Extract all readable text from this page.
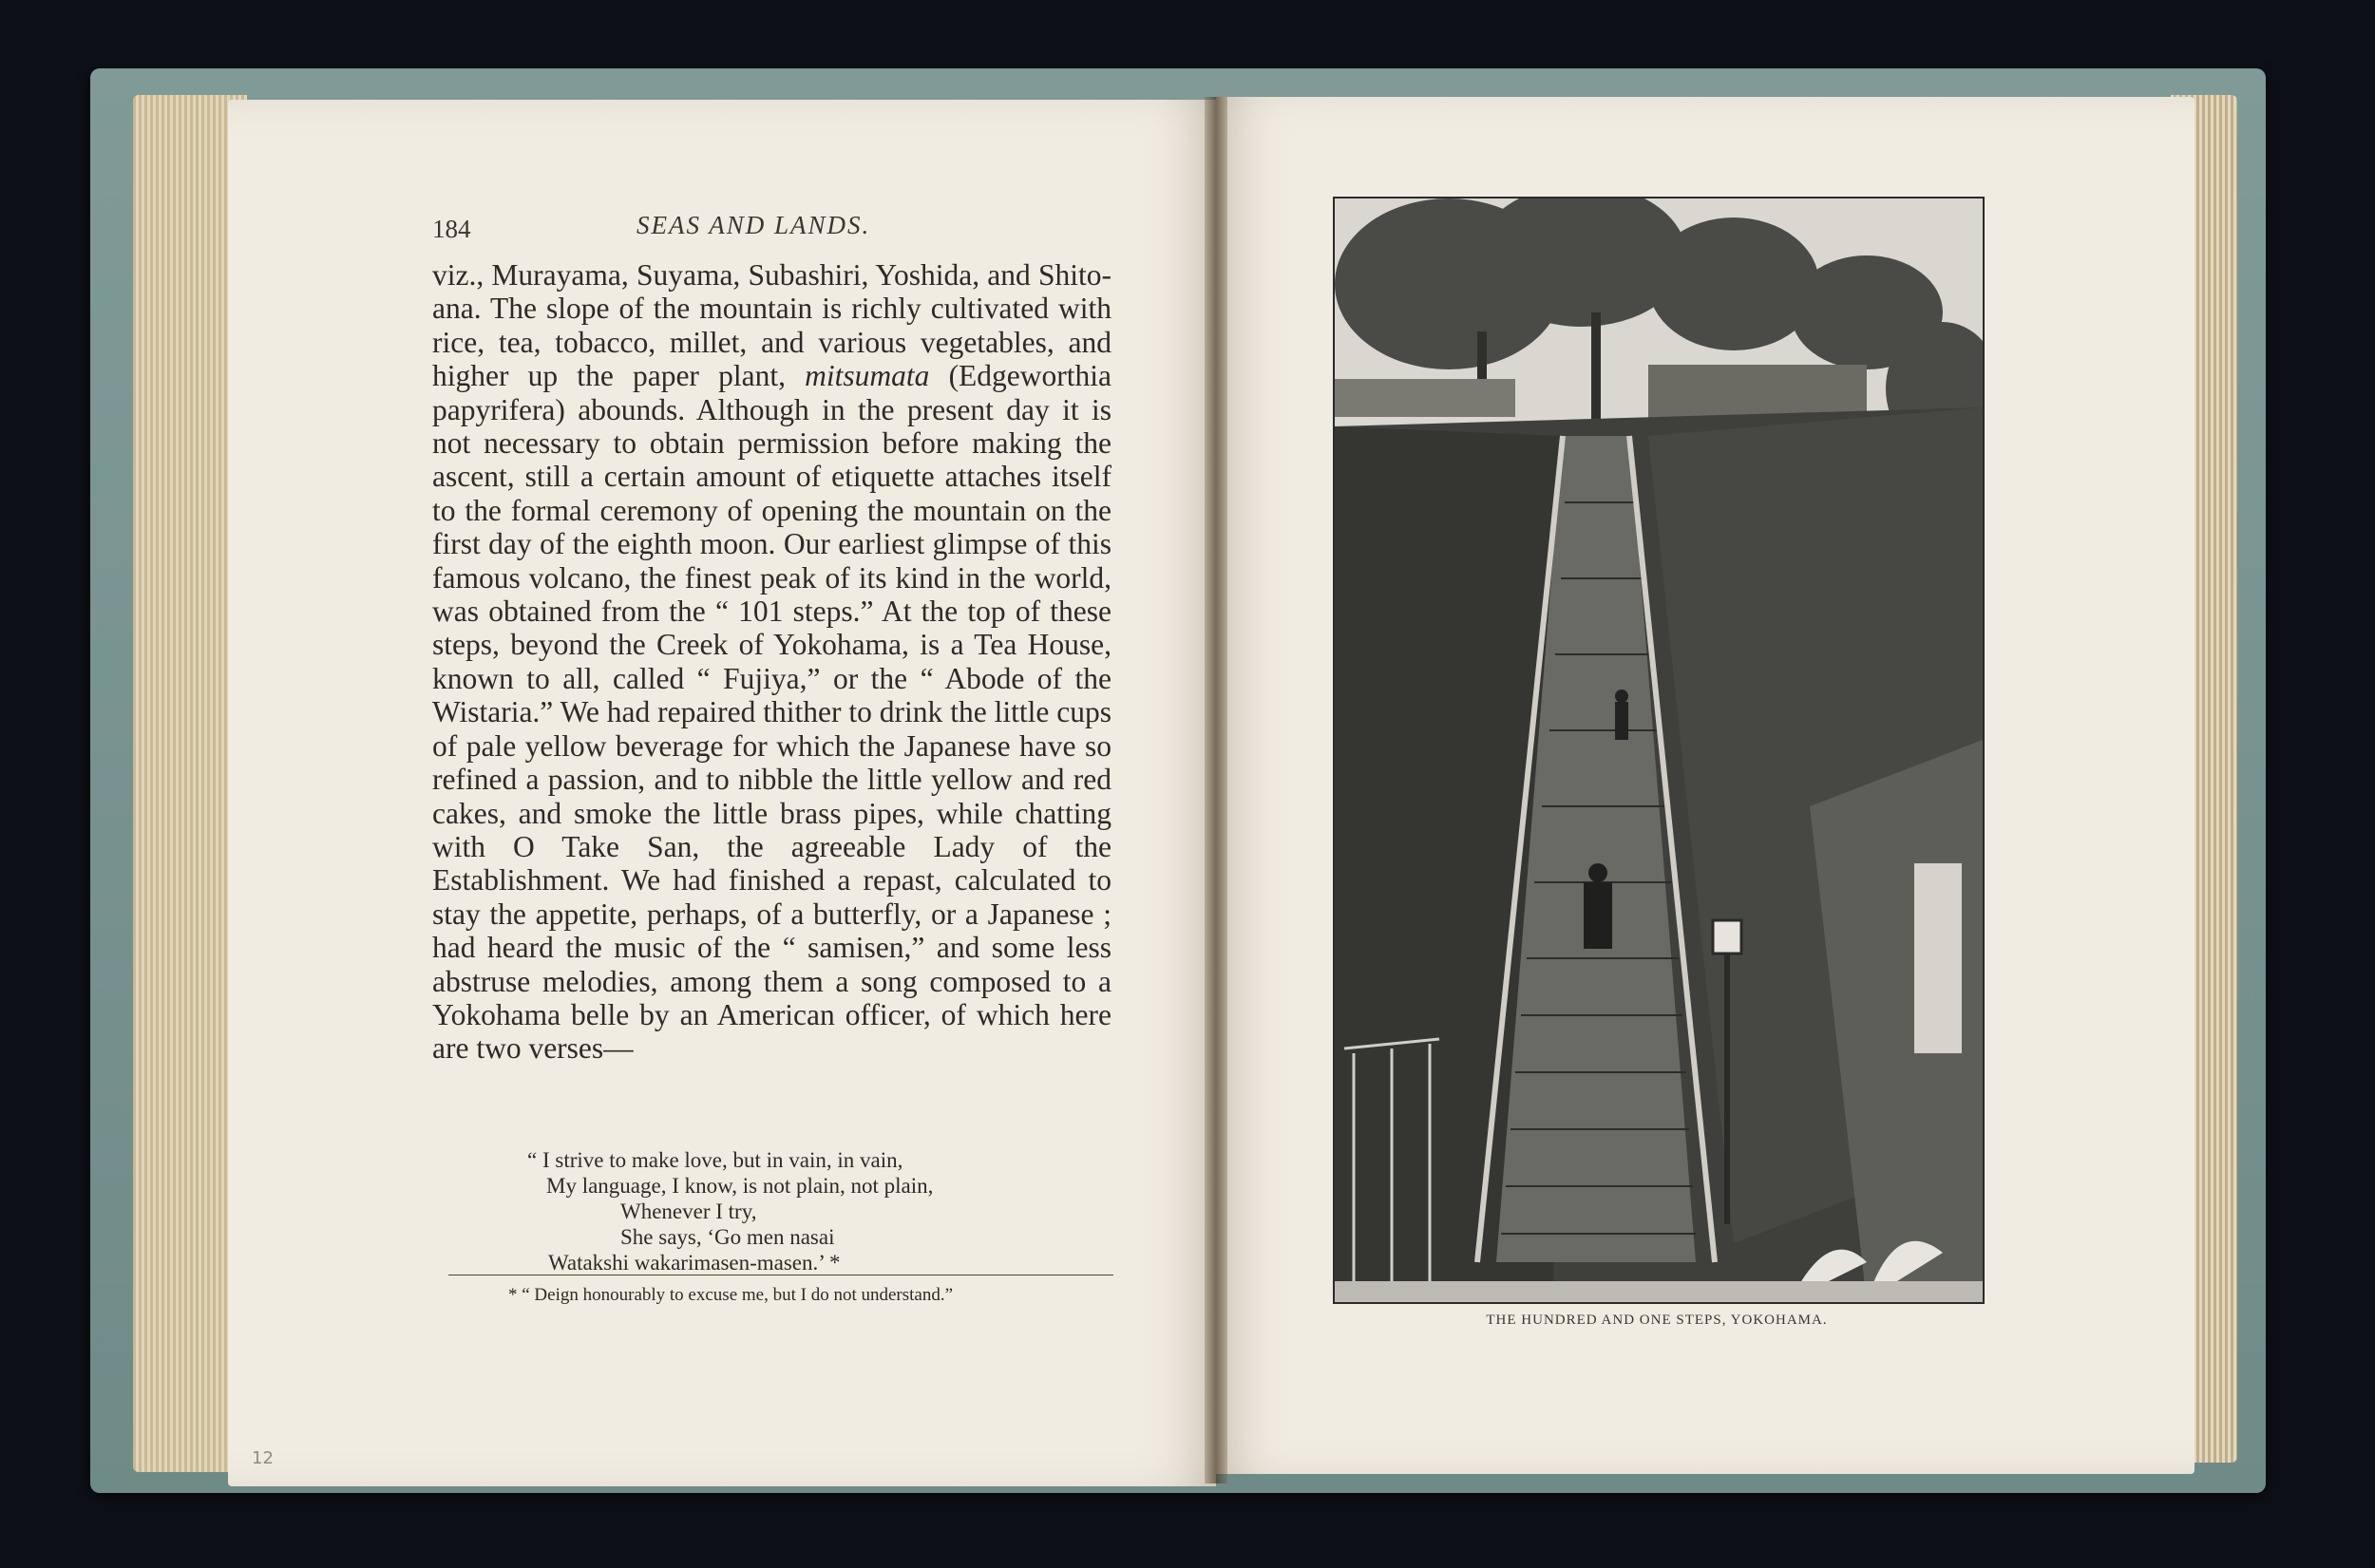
184	SEAS AND LANDS.

viz., Murayama, Suyama, Subashiri, Yoshida, and Shito-ana. The slope of the mountain is richly cultivated with rice, tea, tobacco, millet, and various vegetables, and higher up the paper plant, mitsumata (Edgeworthia papyrifera) abounds. Although in the present day it is not necessary to obtain permission before making the ascent, still a certain amount of etiquette attaches itself to the formal ceremony of opening the mountain on the first day of the eighth moon. Our earliest glimpse of this famous volcano, the finest peak of its kind in the world, was obtained from the “ 101 steps.” At the top of these steps, beyond the Creek of Yokohama, is a Tea House, known to all, called “ Fujiya,” or the “ Abode of the Wistaria.” We had repaired thither to drink the little cups of pale yellow beverage for which the Japanese have so refined a passion, and to nibble the little yellow and red cakes, and smoke the little brass pipes, while chatting with O Take San, the agreeable Lady of the Establishment. We had finished a repast, calculated to stay the appetite, perhaps, of a butterfly, or a Japanese ; had heard the music of the “ samisen,” and some less abstruse melodies, among them a song composed to a Yokohama belle by an American officer, of which here are two verses—

“ I strive to make love, but in vain, in vain,
My language, I know, is not plain, not plain,
Whenever I try,
She says, ‘Go men nasai
Watakshi wakarimasen-masen.’ *
* “ Deign honourably to excuse me, but I do not understand.”
THE HUNDRED AND ONE STEPS, YOKOHAMA.
12
